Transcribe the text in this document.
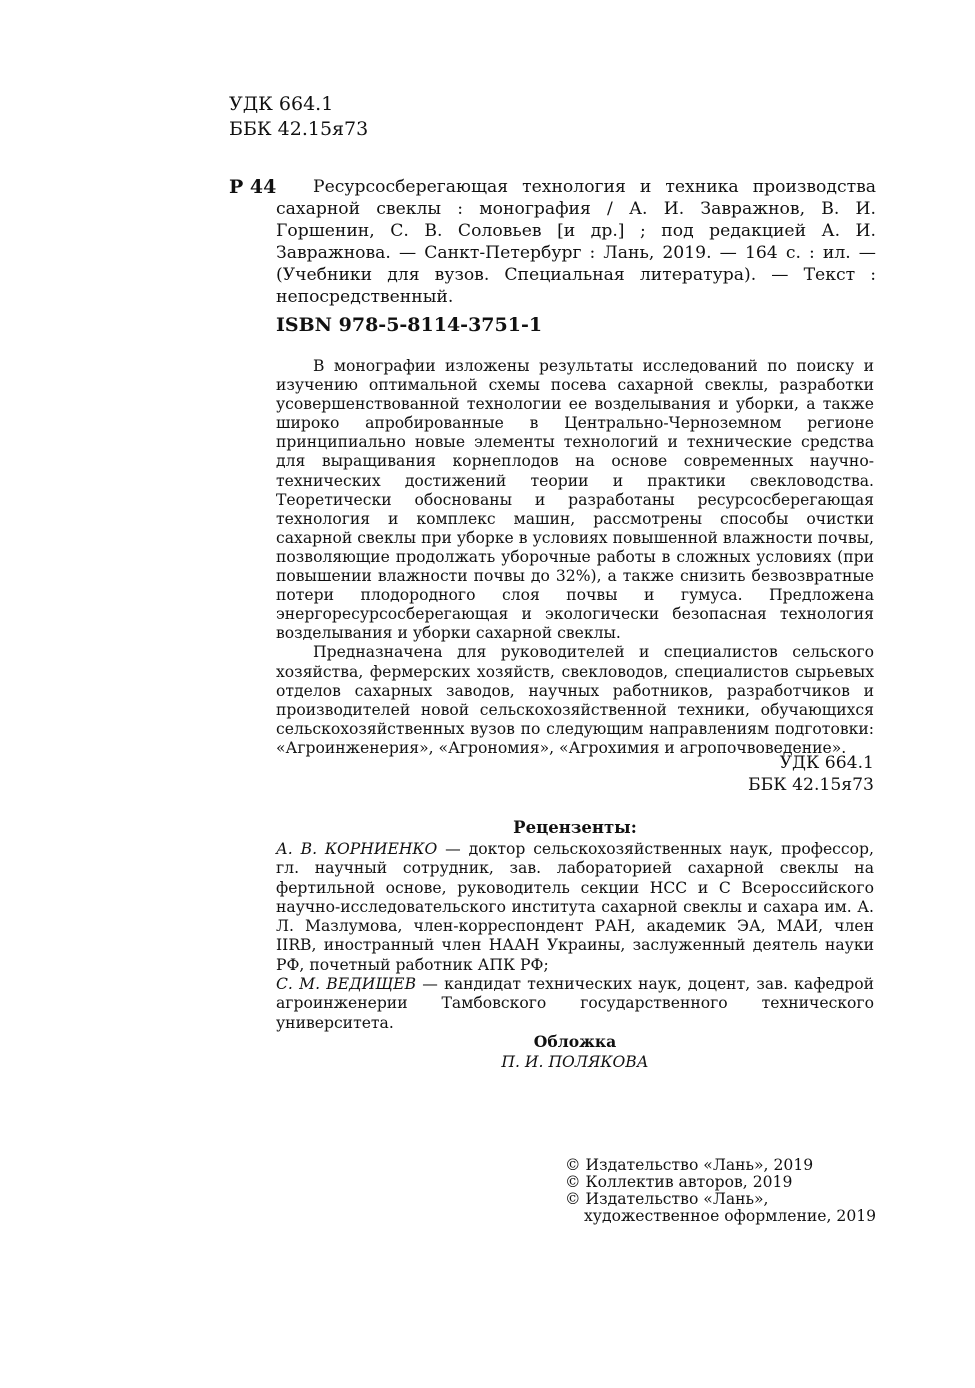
УДК 664.1
ББК 42.15я73
Р 44	Ресурсосберегающая технология и техника производства сахарной свеклы : монография / А. И. Завражнов, В. И. Горшенин, С. В. Соловьев [и др.] ; под редакцией А. И. Завражнова. — Санкт-Петербург : Лань, 2019. — 164 с. : ил. — (Учебники для вузов. Специальная литература). — Текст : непосредственный.
ISBN 978-5-8114-3751-1

В монографии изложены результаты исследований по поиску и изучению оптимальной схемы посева сахарной свеклы, разработки усовершенствованной технологии ее возделывания и уборки, а также широко апробированные в Центрально-Черноземном регионе принципиально новые элементы технологий и технические средства для выращивания корнеплодов на основе современных научно-технических достижений теории и практики свекловодства. Теоретически обоснованы и разработаны ресурсосберегающая технология и комплекс машин, рассмотрены способы очистки сахарной свеклы при уборке в условиях повышенной влажности почвы, позволяющие продолжать уборочные работы в сложных условиях (при повышении влажности почвы до 32%), а также снизить безвозвратные потери плодородного слоя почвы и гумуса. Предложена энергоресурсосберегающая и экологически безопасная технология возделывания и уборки сахарной свеклы.

Предназначена для руководителей и специалистов сельского хозяйства, фермерских хозяйств, свекловодов, специалистов сырьевых отделов сахарных заводов, научных работников, разработчиков и производителей новой сельскохозяйственной техники, обучающихся сельскохозяйственных вузов по следующим направлениям подготовки: «Агроинженерия», «Агрономия», «Агрохимия и агропочвоведение».

УДК 664.1
ББК 42.15я73
Рецензенты:

А. В. КОРНИЕНКО — доктор сельскохозяйственных наук, профессор, гл. научный сотрудник, зав. лабораторией сахарной свеклы на фертильной основе, руководитель секции НСС и С Всероссийского научно-исследовательского института сахарной свеклы и сахара им. А. Л. Мазлумова, член-корреспондент РАН, академик ЭА, МАИ, член IIRB, иностранный член НААН Украины, заслуженный деятель науки РФ, почетный работник АПК РФ;

С. М. ВЕДИЩЕВ — кандидат технических наук, доцент, зав. кафедрой агроинженерии Тамбовского государственного технического университета.

Обложка
П. И. ПОЛЯКОВА
© Издательство «Лань», 2019
© Коллектив авторов, 2019
© Издательство «Лань»,
художественное оформление, 2019
